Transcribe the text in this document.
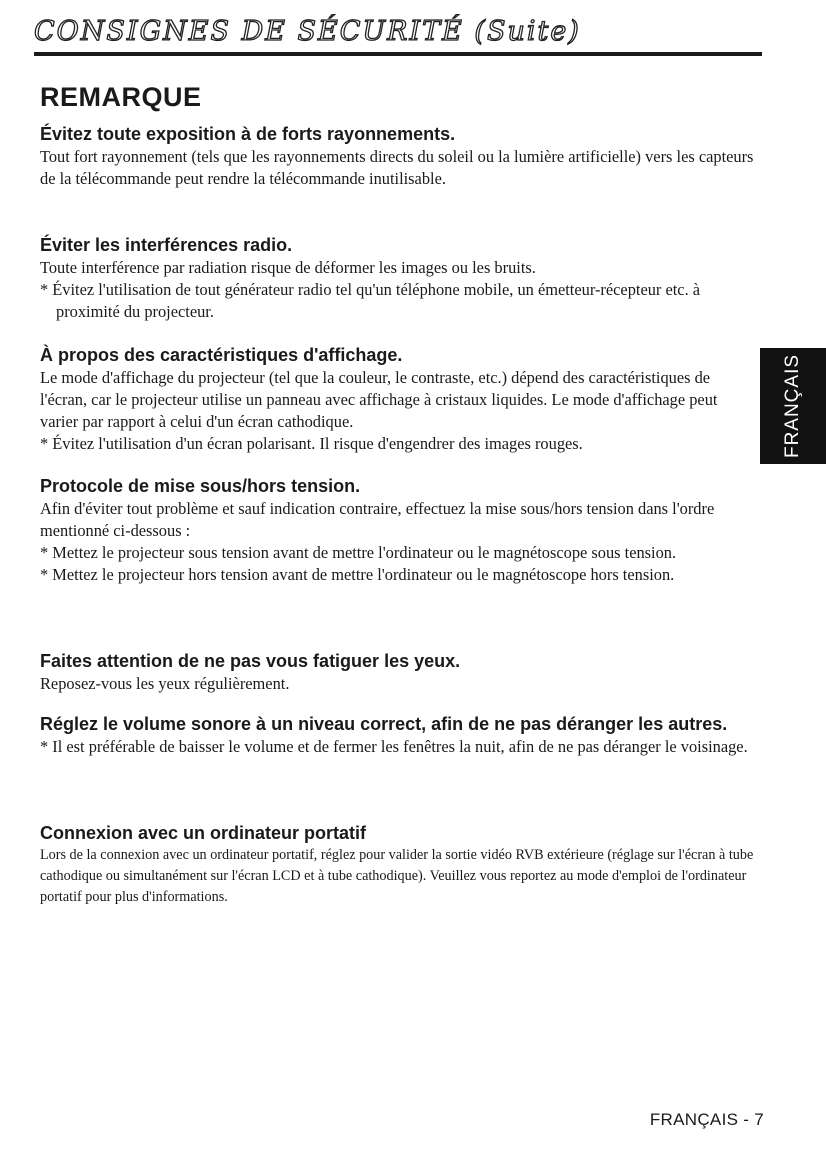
CONSIGNES DE SÉCURITÉ (Suite)
REMARQUE
Évitez toute exposition à de forts rayonnements.

Tout fort rayonnement (tels que les rayonnements directs du soleil ou la lumière artificielle) vers les capteurs de la télécommande peut rendre la télécommande inutilisable.

Éviter les interférences radio.

Toute interférence par radiation risque de déformer les images ou les bruits.

* Évitez l'utilisation de tout générateur radio tel qu'un téléphone mobile, un émetteur-récepteur etc. à proximité du projecteur.

À propos des caractéristiques d'affichage.

Le mode d'affichage du projecteur (tel que la couleur, le contraste, etc.) dépend des caractéristiques de l'écran, car le projecteur utilise un panneau avec affichage à cristaux liquides. Le mode d'affichage peut varier par rapport à celui d'un écran cathodique.

* Évitez l'utilisation d'un écran polarisant. Il risque d'engendrer des images rouges.

Protocole de mise sous/hors tension.

Afin d'éviter tout problème et sauf indication contraire, effectuez la mise sous/hors tension dans l'ordre mentionné ci-dessous :

* Mettez le projecteur sous tension avant de mettre l'ordinateur ou le magnétoscope sous tension.

* Mettez le projecteur hors tension avant de mettre l'ordinateur ou le magnétoscope hors tension.

Faites attention de ne pas vous fatiguer les yeux.

Reposez-vous les yeux régulièrement.

Réglez le volume sonore à un niveau correct, afin de ne pas déranger les autres.

* Il est préférable de baisser le volume et de fermer les fenêtres la nuit, afin de ne pas déranger le voisinage.

Connexion avec un ordinateur portatif

Lors de la connexion avec un ordinateur portatif, réglez pour valider la sortie vidéo RVB extérieure (réglage sur l'écran à tube cathodique ou simultanément sur l'écran LCD et à tube cathodique). Veuillez vous reportez au mode d'emploi de l'ordinateur portatif pour plus d'informations.

FRANÇAIS
FRANÇAIS - 7
